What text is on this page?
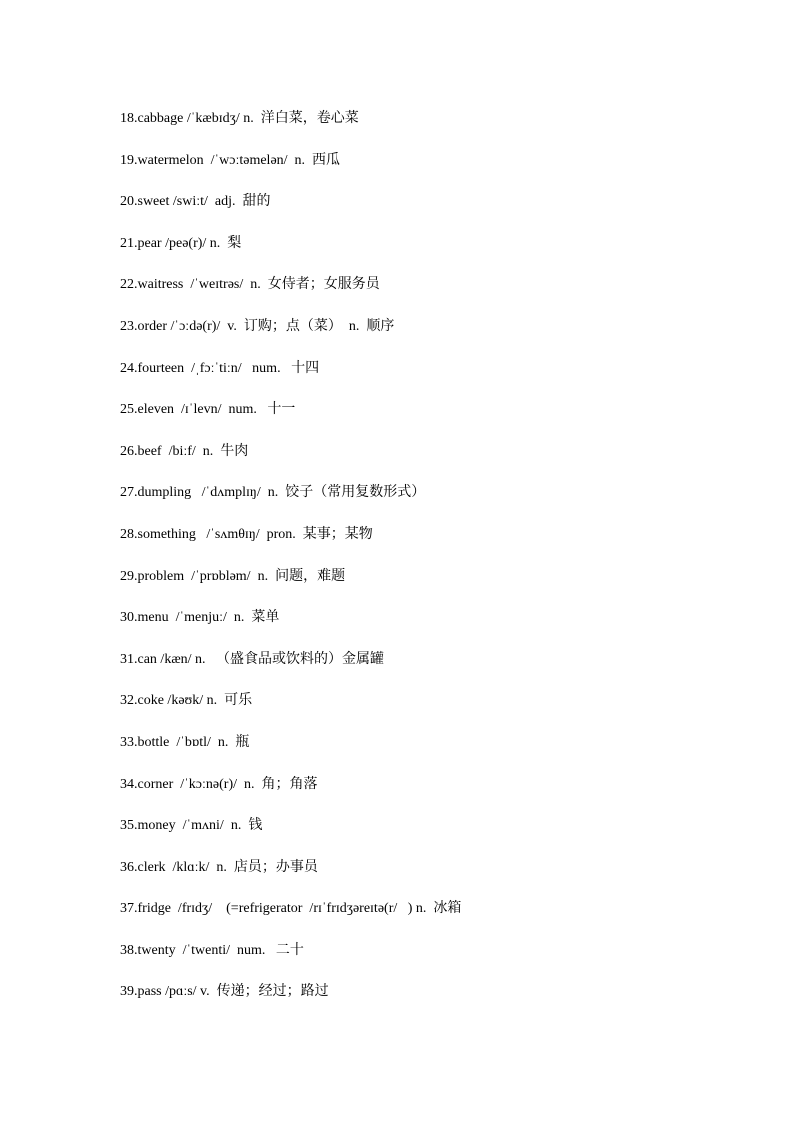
18.cabbage /ˈkæbɪdʒ/ n.  洋白菜，卷心菜
19.watermelon  /ˈwɔːtəmelən/  n.  西瓜
20.sweet /swiːt/  adj.  甜的
21.pear /peə(r)/ n.  梨
22.waitress  /ˈweɪtrəs/  n.  女侍者；女服务员
23.order /ˈɔːdə(r)/  v.  订购；点（菜）  n.  顺序
24.fourteen  /ˌfɔːˈtiːn/   num.   十四
25.eleven  /ɪˈlevn/  num.   十一
26.beef  /biːf/  n.  牛肉
27.dumpling   /ˈdʌmplɪŋ/  n.  饺子（常用复数形式）
28.something   /ˈsʌmθɪŋ/  pron.  某事；某物
29.problem  /ˈprɒbləm/  n.  问题，难题
30.menu  /ˈmenjuː/  n.  菜单
31.can /kæn/ n.   （盛食品或饮料的）金属罐
32.coke /kəʊk/ n.  可乐
33.bottle  /ˈbɒtl/  n.  瓶
34.corner  /ˈkɔːnə(r)/  n.  角；角落
35.money  /ˈmʌni/  n.  钱
36.clerk  /klɑːk/  n.  店员；办事员
37.fridge  /frɪdʒ/    (=refrigerator  /rɪˈfrɪdʒəreɪtə(r/   ) n.  冰箱
38.twenty  /ˈtwenti/  num.   二十
39.pass /pɑːs/ v.  传递；经过；路过
